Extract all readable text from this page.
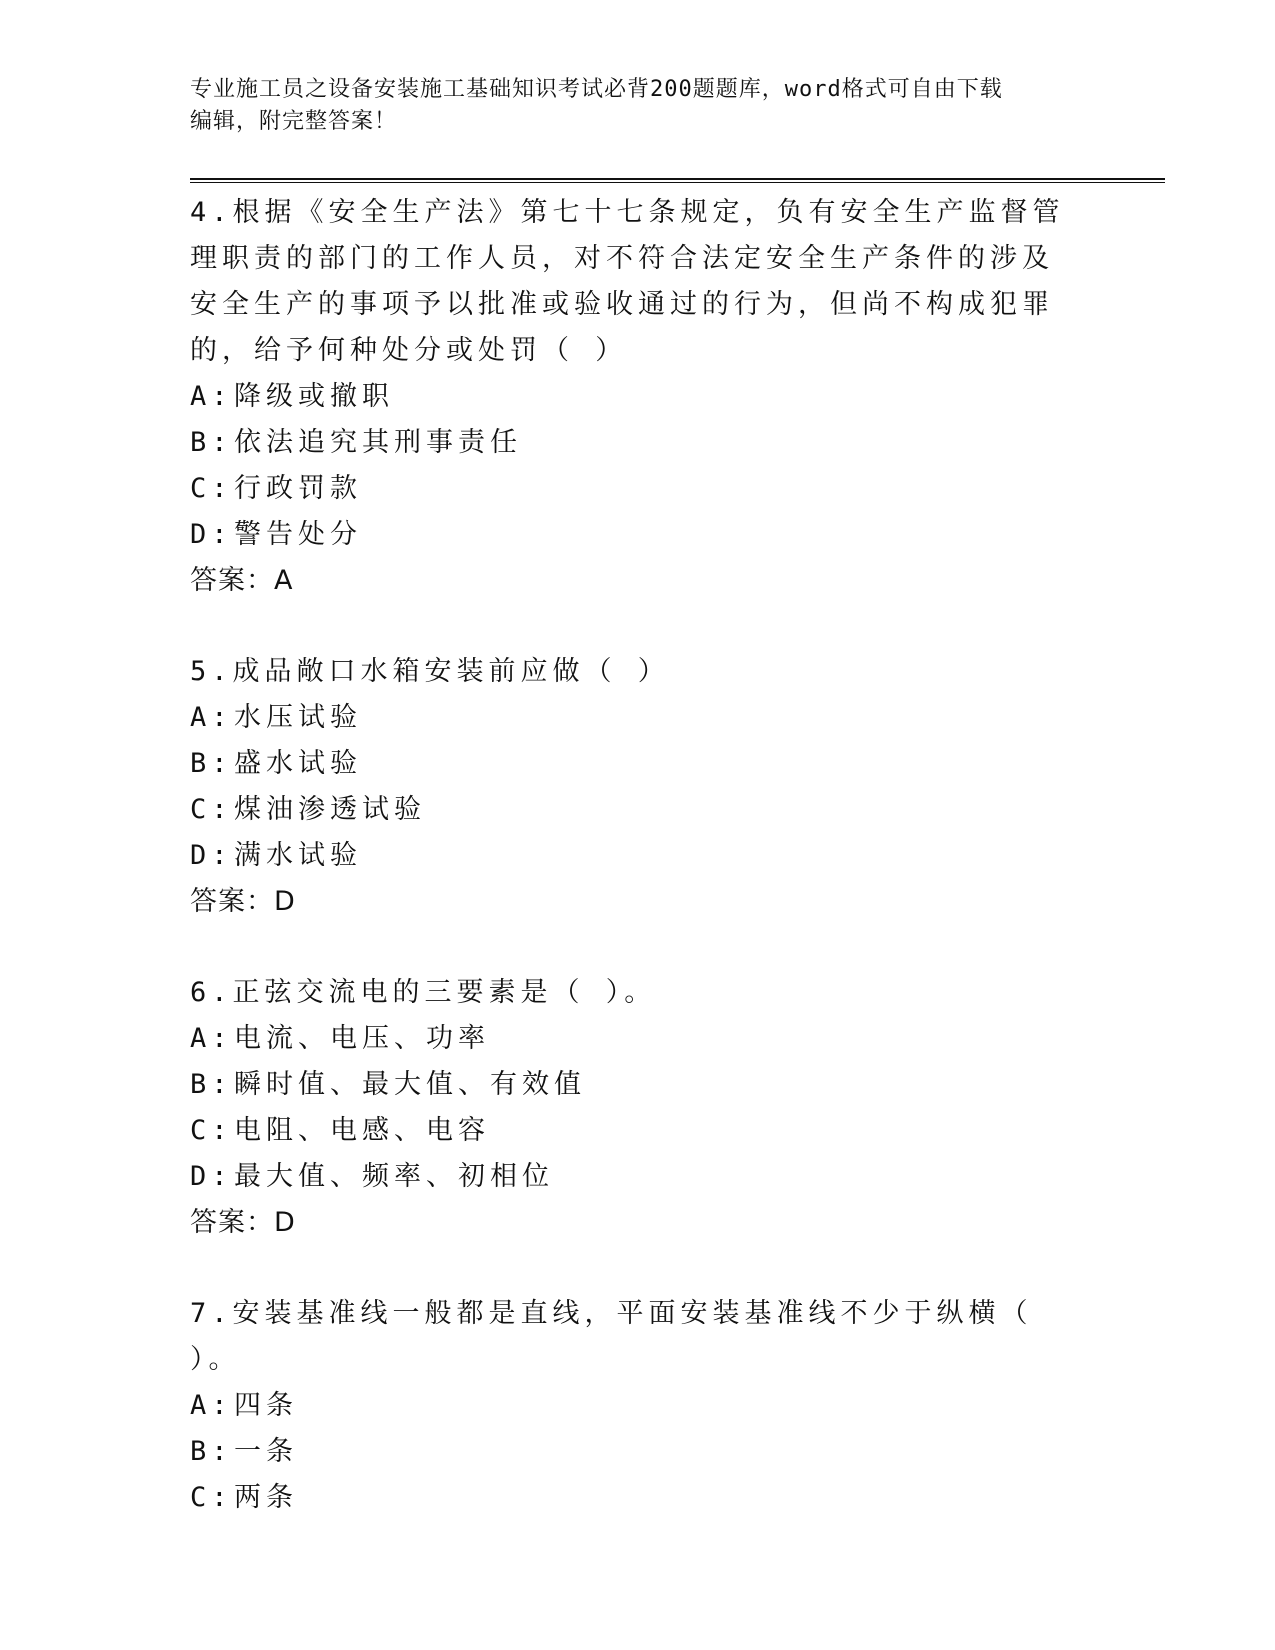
专业施工员之设备安装施工基础知识考试必背200题题库，word格式可自由下载
编辑，附完整答案！
4.根据《安全生产法》第七十七条规定，负有安全生产监督管理职责的部门的工作人员，对不符合法定安全生产条件的涉及安全生产的事项予以批准或验收通过的行为，但尚不构成犯罪的，给予何种处分或处罚（ ）
A:降级或撤职
B:依法追究其刑事责任
C:行政罚款
D:警告处分
答案：A
5.成品敞口水箱安装前应做（ ）
A:水压试验
B:盛水试验
C:煤油渗透试验
D:满水试验
答案：D
6.正弦交流电的三要素是（ ）。
A:电流、电压、功率
B:瞬时值、最大值、有效值
C:电阻、电感、电容
D:最大值、频率、初相位
答案：D
7.安装基准线一般都是直线，平面安装基准线不少于纵横（ ）。
A:四条
B:一条
C:两条
